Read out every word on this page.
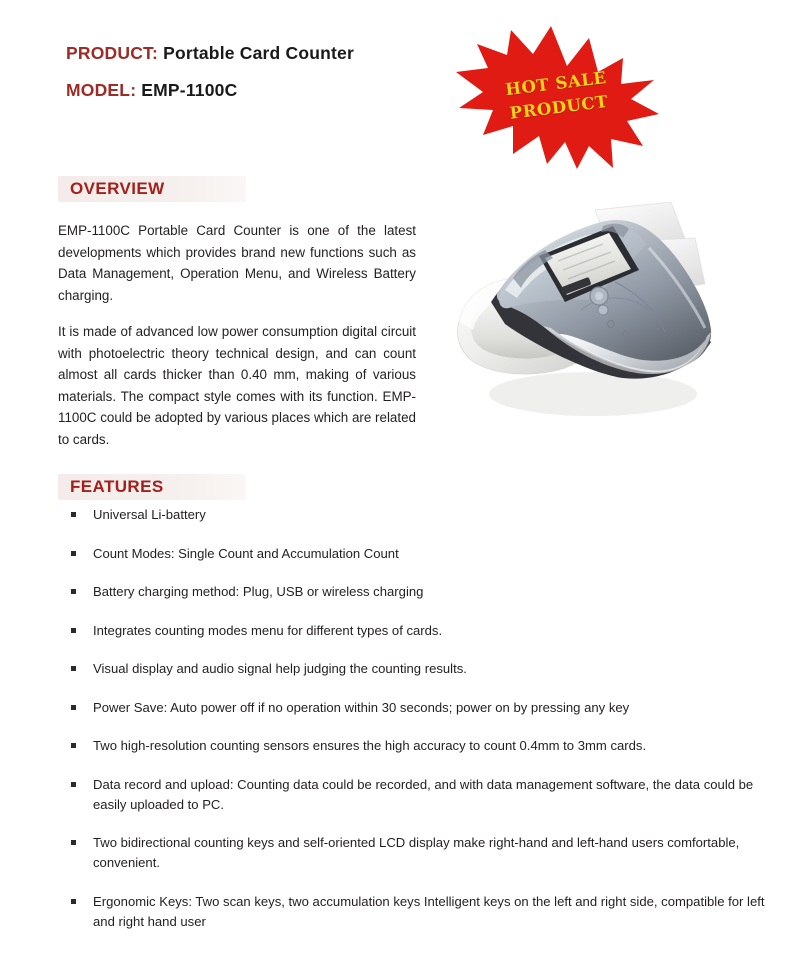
PRODUCT: Portable Card Counter
MODEL: EMP-1100C	HOT SALE
PRODUCT
OVERVIEW

EMP-1100C Portable Card Counter is one of the latest developments which provides brand new functions such as Data Management, Operation Menu, and Wireless Battery charging.

It is made of advanced low power consumption digital circuit with photoelectric theory technical design, and can count almost all cards thicker than 0.40 mm, making of various materials. The compact style comes with its function. EMP-1100C could be adopted by various places which are related to cards.

FEATURES
Universal Li-battery
Count Modes: Single Count and Accumulation Count
Battery charging method: Plug, USB or wireless charging
Integrates counting modes menu for different types of cards.
Visual display and audio signal help judging the counting results.
Power Save: Auto power off if no operation within 30 seconds; power on by pressing any key
Two high-resolution counting sensors ensures the high accuracy to count 0.4mm to 3mm cards.
Data record and upload: Counting data could be recorded, and with data management software, the data could be easily uploaded to PC.
Two bidirectional counting keys and self-oriented LCD display make right-hand and left-hand users comfortable, convenient.
Ergonomic Keys: Two scan keys, two accumulation keys Intelligent keys on the left and right side, compatible for left and right hand user
